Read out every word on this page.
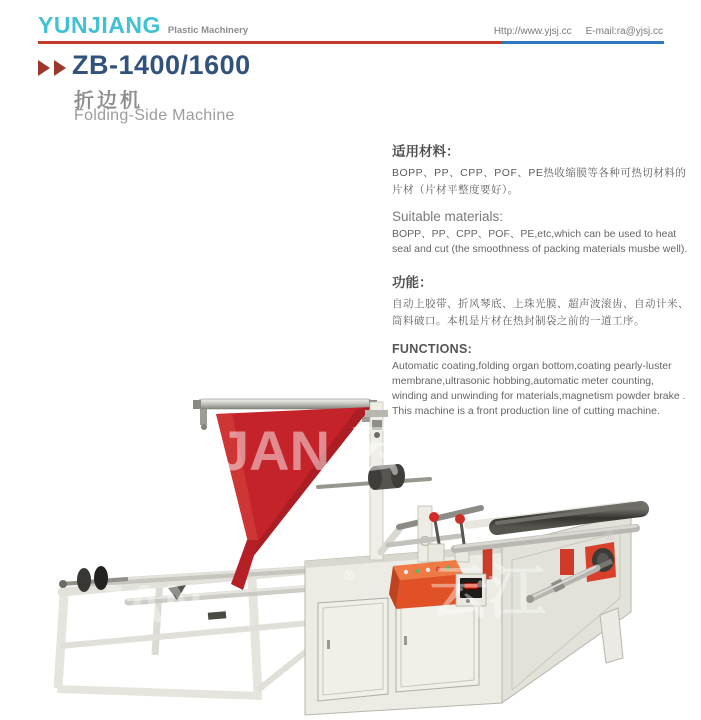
YUNJIANG Plastic Machinery	Http://www.yjsj.cc E-mail:ra@yjsj.cc
ZB-1400/1600
折边机
Folding-Side Machine
适用材料：

BOPP、PP、CPP、POF、PE热收缩膜等各种可热切材料的片材（片材平整度要好）。

Suitable materials:

BOPP、PP、CPP、POF、PE,etc,which can be used to heat seal and cut (the smoothness of packing materials musbe well).

功能：

自动上胶带、折风琴底、上珠光膜、超声波滚齿、自动计米、筒料破口。本机是片材在热封制袋之前的一道工序。

FUNCTIONS:

Automatic coating,folding organ bottom,coating pearly-luster membrane,ultrasonic hobbing,automatic meter counting, winding and unwinding for materials,magnetism powder brake . This machine is a front production line of cutting machine.

JAN 云
JAN	云江
®
®
